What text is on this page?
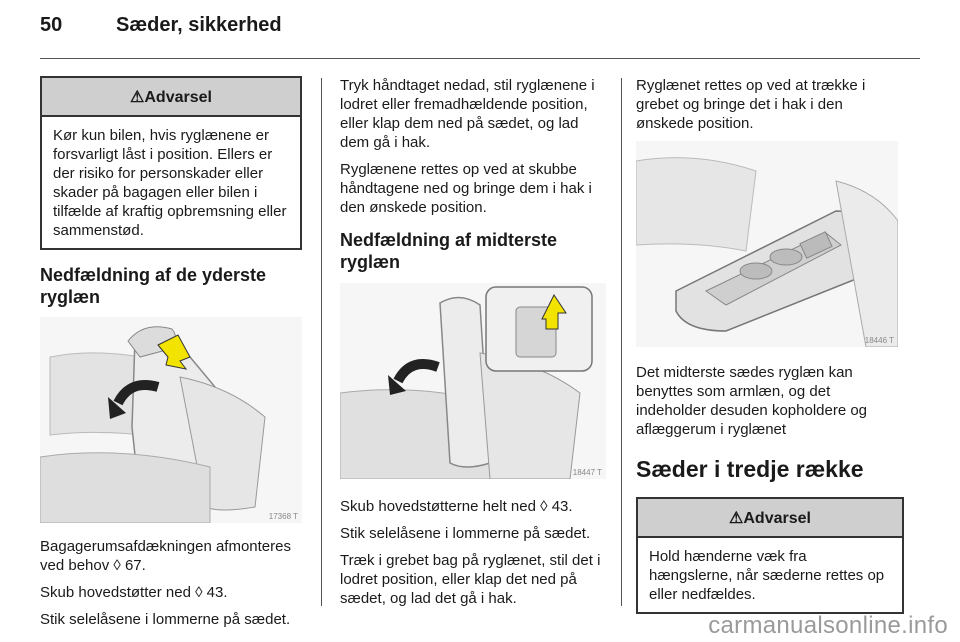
50	Sæder, sikkerhed
⚠Advarsel
Kør kun bilen, hvis ryglænene er forsvarligt låst i position. Ellers er der risiko for personskader eller skader på bagagen eller bilen i tilfælde af kraftig opbremsning eller sammenstød.
Nedfældning af de yderste ryglæn
17368 T

Bagagerumsafdækningen afmonteres ved behov ◊ 67.

Skub hovedstøtter ned ◊ 43.

Stik selelåsene i lommerne på sædet.

Tryk håndtaget nedad, stil ryglænene i lodret eller fremadhældende position, eller klap dem ned på sædet, og lad dem gå i hak.

Ryglænene rettes op ved at skubbe håndtagene ned og bringe dem i hak i den ønskede position.

Nedfældning af midterste ryglæn
18447 T

Skub hovedstøtterne helt ned ◊ 43.

Stik selelåsene i lommerne på sædet.

Træk i grebet bag på ryglænet, stil det i lodret position, eller klap det ned på sædet, og lad det gå i hak.

Ryglænet rettes op ved at trække i grebet og bringe det i hak i den ønskede position.

18446 T

Det midterste sædes ryglæn kan benyttes som armlæn, og det indeholder desuden kopholdere og aflæggerum i ryglænet

Sæder i tredje række
⚠Advarsel
Hold hænderne væk fra hængslerne, når sæderne rettes op eller nedfældes.
carmanualsonline.info
